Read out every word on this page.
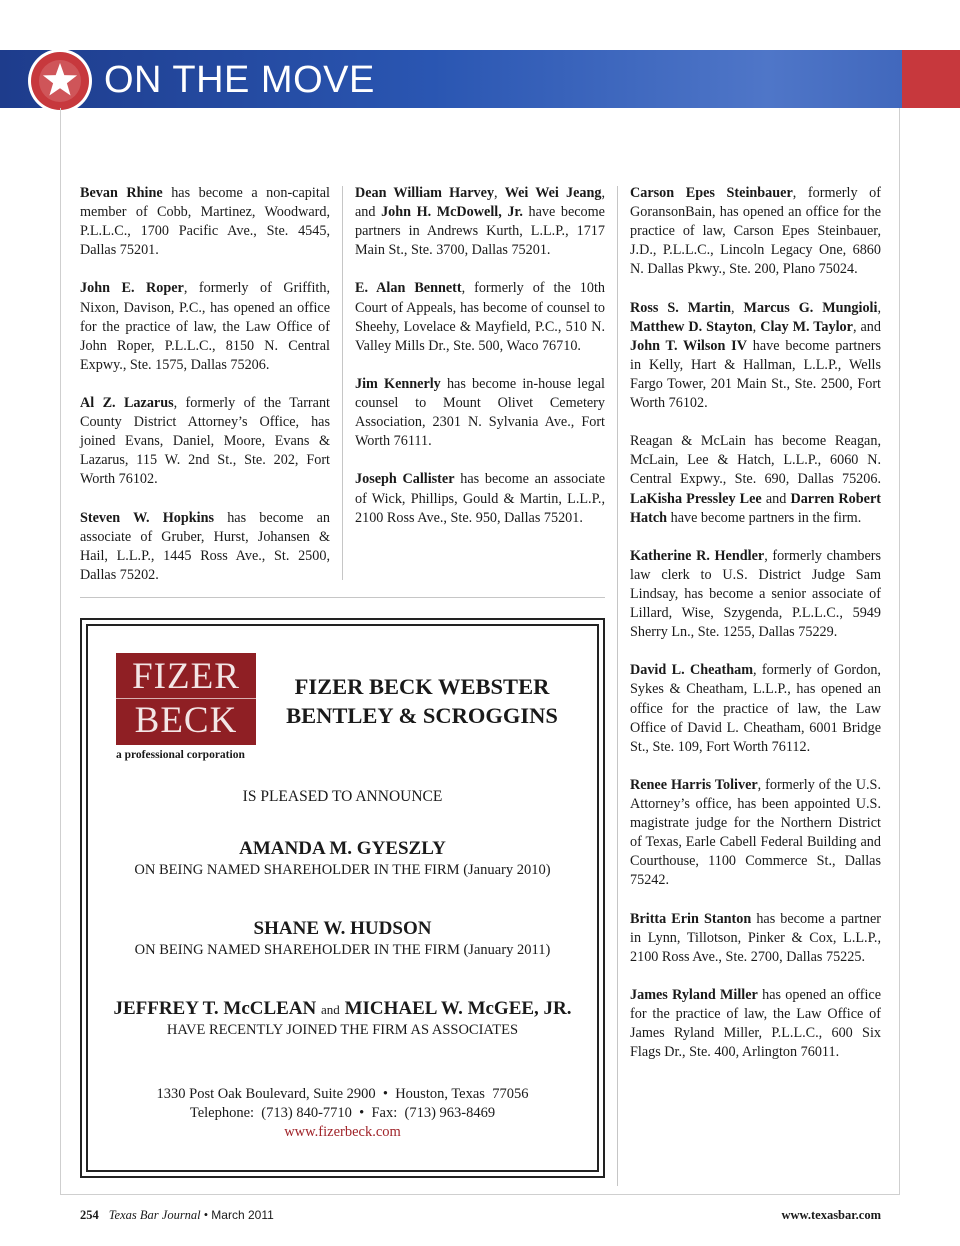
ON THE MOVE

Bevan Rhine has become a non-capital member of Cobb, Martinez, Woodward, P.L.L.C., 1700 Pacific Ave., Ste. 4545, Dallas 75201.

John E. Roper, formerly of Griffith, Nixon, Davison, P.C., has opened an office for the practice of law, the Law Office of John Roper, P.L.L.C., 8150 N. Central Expwy., Ste. 1575, Dallas 75206.

Al Z. Lazarus, formerly of the Tarrant County District Attorney’s Office, has joined Evans, Daniel, Moore, Evans & Lazarus, 115 W. 2nd St., Ste. 202, Fort Worth 76102.

Steven W. Hopkins has become an associate of Gruber, Hurst, Johansen & Hail, L.L.P., 1445 Ross Ave., St. 2500, Dallas 75202.

Dean William Harvey, Wei Wei Jeang, and John H. McDowell, Jr. have become partners in Andrews Kurth, L.L.P., 1717 Main St., Ste. 3700, Dallas 75201.

E. Alan Bennett, formerly of the 10th Court of Appeals, has become of counsel to Sheehy, Lovelace & Mayfield, P.C., 510 N. Valley Mills Dr., Ste. 500, Waco 76710.

Jim Kennerly has become in-house legal counsel to Mount Olivet Cemetery Association, 2301 N. Sylvania Ave., Fort Worth 76111.

Joseph Callister has become an associate of Wick, Phillips, Gould & Martin, L.L.P., 2100 Ross Ave., Ste. 950, Dallas 75201.

Carson Epes Steinbauer, formerly of GoransonBain, has opened an office for the practice of law, Carson Epes Steinbauer, J.D., P.L.L.C., Lincoln Legacy One, 6860 N. Dallas Pkwy., Ste. 200, Plano 75024.

Ross S. Martin, Marcus G. Mungioli, Matthew D. Stayton, Clay M. Taylor, and John T. Wilson IV have become partners in Kelly, Hart & Hallman, L.L.P., Wells Fargo Tower, 201 Main St., Ste. 2500, Fort Worth 76102.

Reagan & McLain has become Reagan, McLain, Lee & Hatch, L.L.P., 6060 N. Central Expwy., Ste. 690, Dallas 75206. LaKisha Pressley Lee and Darren Robert Hatch have become partners in the firm.

Katherine R. Hendler, formerly chambers law clerk to U.S. District Judge Sam Lindsay, has become a senior associate of Lillard, Wise, Szygenda, P.L.L.C., 5949 Sherry Ln., Ste. 1255, Dallas 75229.

David L. Cheatham, formerly of Gordon, Sykes & Cheatham, L.L.P., has opened an office for the practice of law, the Law Office of David L. Cheatham, 6001 Bridge St., Ste. 109, Fort Worth 76112.

Renee Harris Toliver, formerly of the U.S. Attorney’s office, has been appointed U.S. magistrate judge for the Northern District of Texas, Earle Cabell Federal Building and Courthouse, 1100 Commerce St., Dallas 75242.

Britta Erin Stanton has become a partner in Lynn, Tillotson, Pinker & Cox, L.L.P., 2100 Ross Ave., Ste. 2700, Dallas 75225.

James Ryland Miller has opened an office for the practice of law, the Law Office of James Ryland Miller, P.L.L.C., 600 Six Flags Dr., Ste. 400, Arlington 76011.

FIZER
BECK
a professional corporation
FIZER BECK WEBSTER
BENTLEY & SCROGGINS
IS PLEASED TO ANNOUNCE
AMANDA M. GYESZLY
ON BEING NAMED SHAREHOLDER IN THE FIRM (January 2010)
SHANE W. HUDSON
ON BEING NAMED SHAREHOLDER IN THE FIRM (January 2011)
JEFFREY T. McCLEAN and MICHAEL W. McGEE, JR.
HAVE RECENTLY JOINED THE FIRM AS ASSOCIATES
1330 Post Oak Boulevard, Suite 2900  •  Houston, Texas  77056
Telephone:  (713) 840-7710  •  Fax:  (713) 963-8469
www.fizerbeck.com
254 Texas Bar Journal • March 2011	www.texasbar.com
